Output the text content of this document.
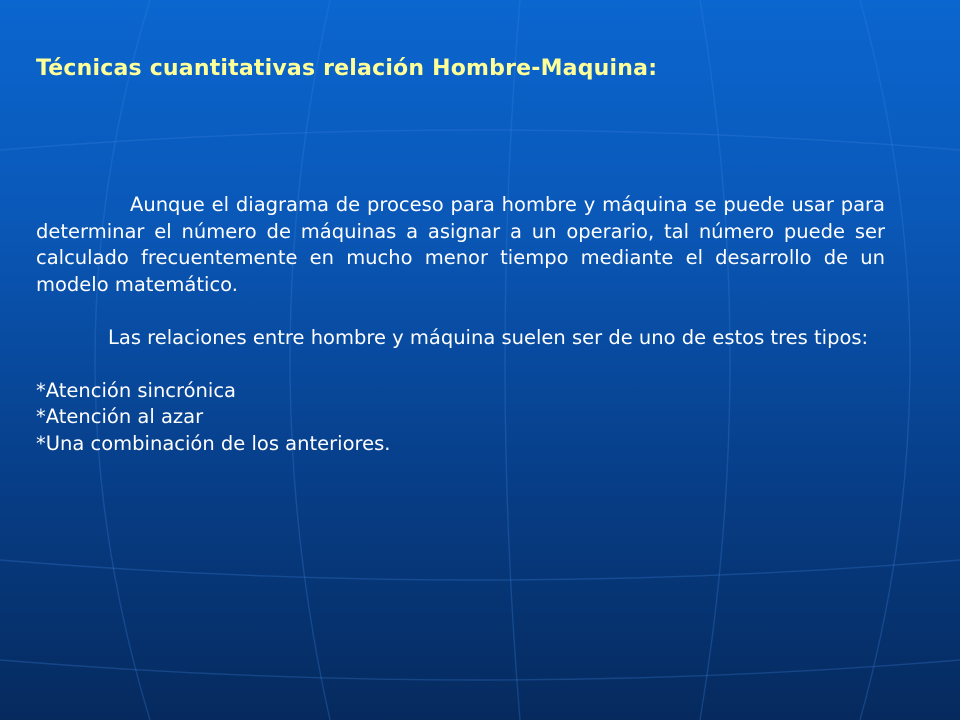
Técnicas cuantitativas relación Hombre-Maquina:

Aunque el diagrama de proceso para hombre y máquina se puede usar para determinar el número de máquinas a asignar a un operario, tal número puede ser calculado frecuentemente en mucho menor tiempo mediante el desarrollo de un modelo matemático.

Las relaciones entre hombre y máquina suelen ser de uno de estos tres tipos:

*Atención sincrónica
*Atención al azar
*Una combinación de los anteriores.
